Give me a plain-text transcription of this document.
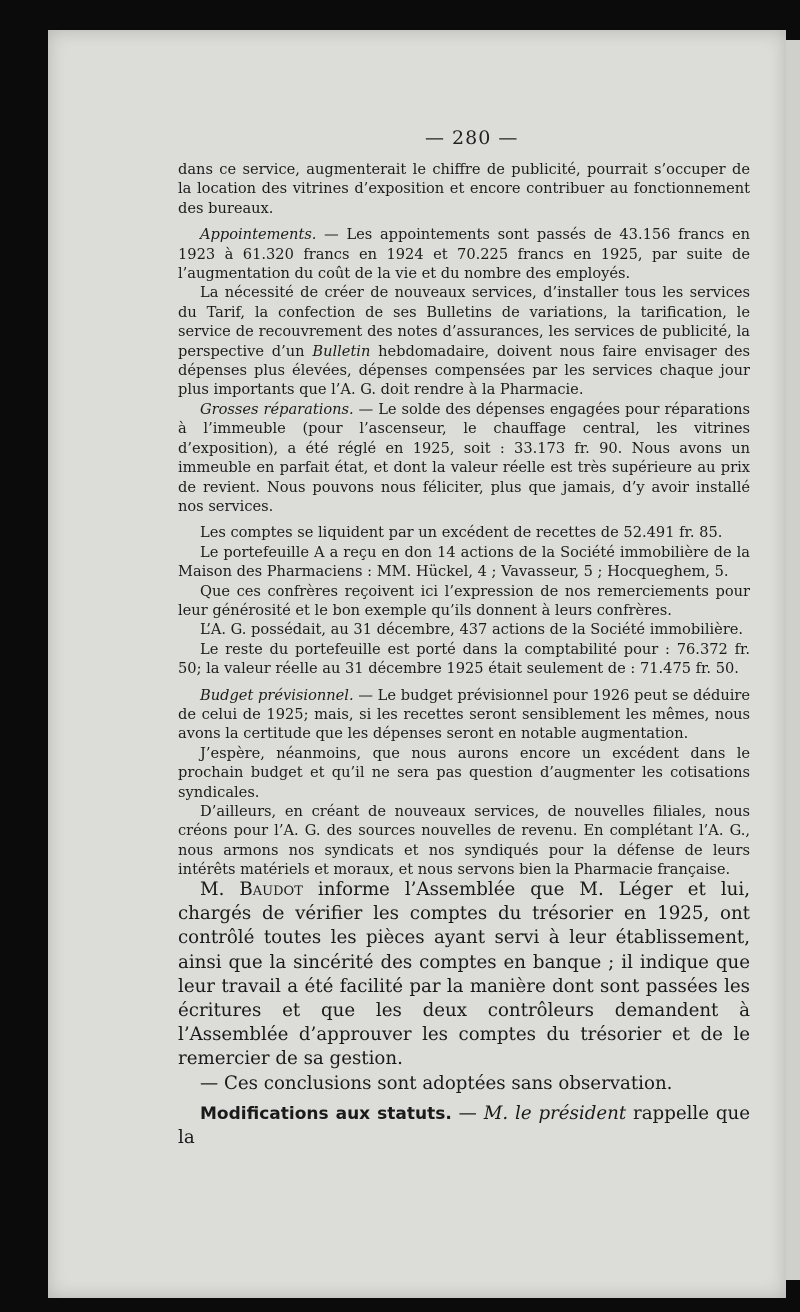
— 280 —

dans ce service, augmenterait le chiffre de publicité, pourrait s’occuper de la location des vitrines d’exposition et encore contribuer au fonctionnement des bureaux.

Appointements. — Les appointements sont passés de 43.156 francs en 1923 à 61.320 francs en 1924 et 70.225 francs en 1925, par suite de l’augmentation du coût de la vie et du nombre des employés.

La nécessité de créer de nouveaux services, d’installer tous les services du Tarif, la confection de ses Bulletins de variations, la tarification, le service de recouvrement des notes d’assurances, les services de publicité, la perspective d’un Bulletin hebdomadaire, doivent nous faire envisager des dépenses plus élevées, dépenses compensées par les services chaque jour plus importants que l’A. G. doit rendre à la Pharmacie.

Grosses réparations. — Le solde des dépenses engagées pour réparations à l’immeuble (pour l’ascenseur, le chauffage central, les vitrines d’exposition), a été réglé en 1925, soit : 33.173 fr. 90. Nous avons un immeuble en parfait état, et dont la valeur réelle est très supérieure au prix de revient. Nous pouvons nous féliciter, plus que jamais, d’y avoir installé nos services.

Les comptes se liquident par un excédent de recettes de 52.491 fr. 85.

Le portefeuille A a reçu en don 14 actions de la Société immobilière de la Maison des Pharmaciens : MM. Hückel, 4 ; Vavasseur, 5 ; Hocqueghem, 5.

Que ces confrères reçoivent ici l’expression de nos remerciements pour leur générosité et le bon exemple qu’ils donnent à leurs confrères.

L’A. G. possédait, au 31 décembre, 437 actions de la Société immobilière.

Le reste du portefeuille est porté dans la comptabilité pour : 76.372 fr. 50; la valeur réelle au 31 décembre 1925 était seulement de : 71.475 fr. 50.

Budget prévisionnel. — Le budget prévisionnel pour 1926 peut se déduire de celui de 1925; mais, si les recettes seront sensiblement les mêmes, nous avons la certitude que les dépenses seront en notable augmentation.

J’espère, néanmoins, que nous aurons encore un excédent dans le prochain budget et qu’il ne sera pas question d’augmenter les cotisations syndicales.

D’ailleurs, en créant de nouveaux services, de nouvelles filiales, nous créons pour l’A. G. des sources nouvelles de revenu. En complétant l’A. G., nous armons nos syndicats et nos syndiqués pour la défense de leurs intérêts matériels et moraux, et nous servons bien la Pharmacie française.

M. Baudot informe l’Assemblée que M. Léger et lui, chargés de vérifier les comptes du trésorier en 1925, ont contrôlé toutes les pièces ayant servi à leur établissement, ainsi que la sincérité des comptes en banque ; il indique que leur travail a été facilité par la manière dont sont passées les écritures et que les deux contrôleurs demandent à l’Assemblée d’approuver les comptes du trésorier et de le remercier de sa gestion.

— Ces conclusions sont adoptées sans observation.

Modifications aux statuts. — M. le président rappelle que la
